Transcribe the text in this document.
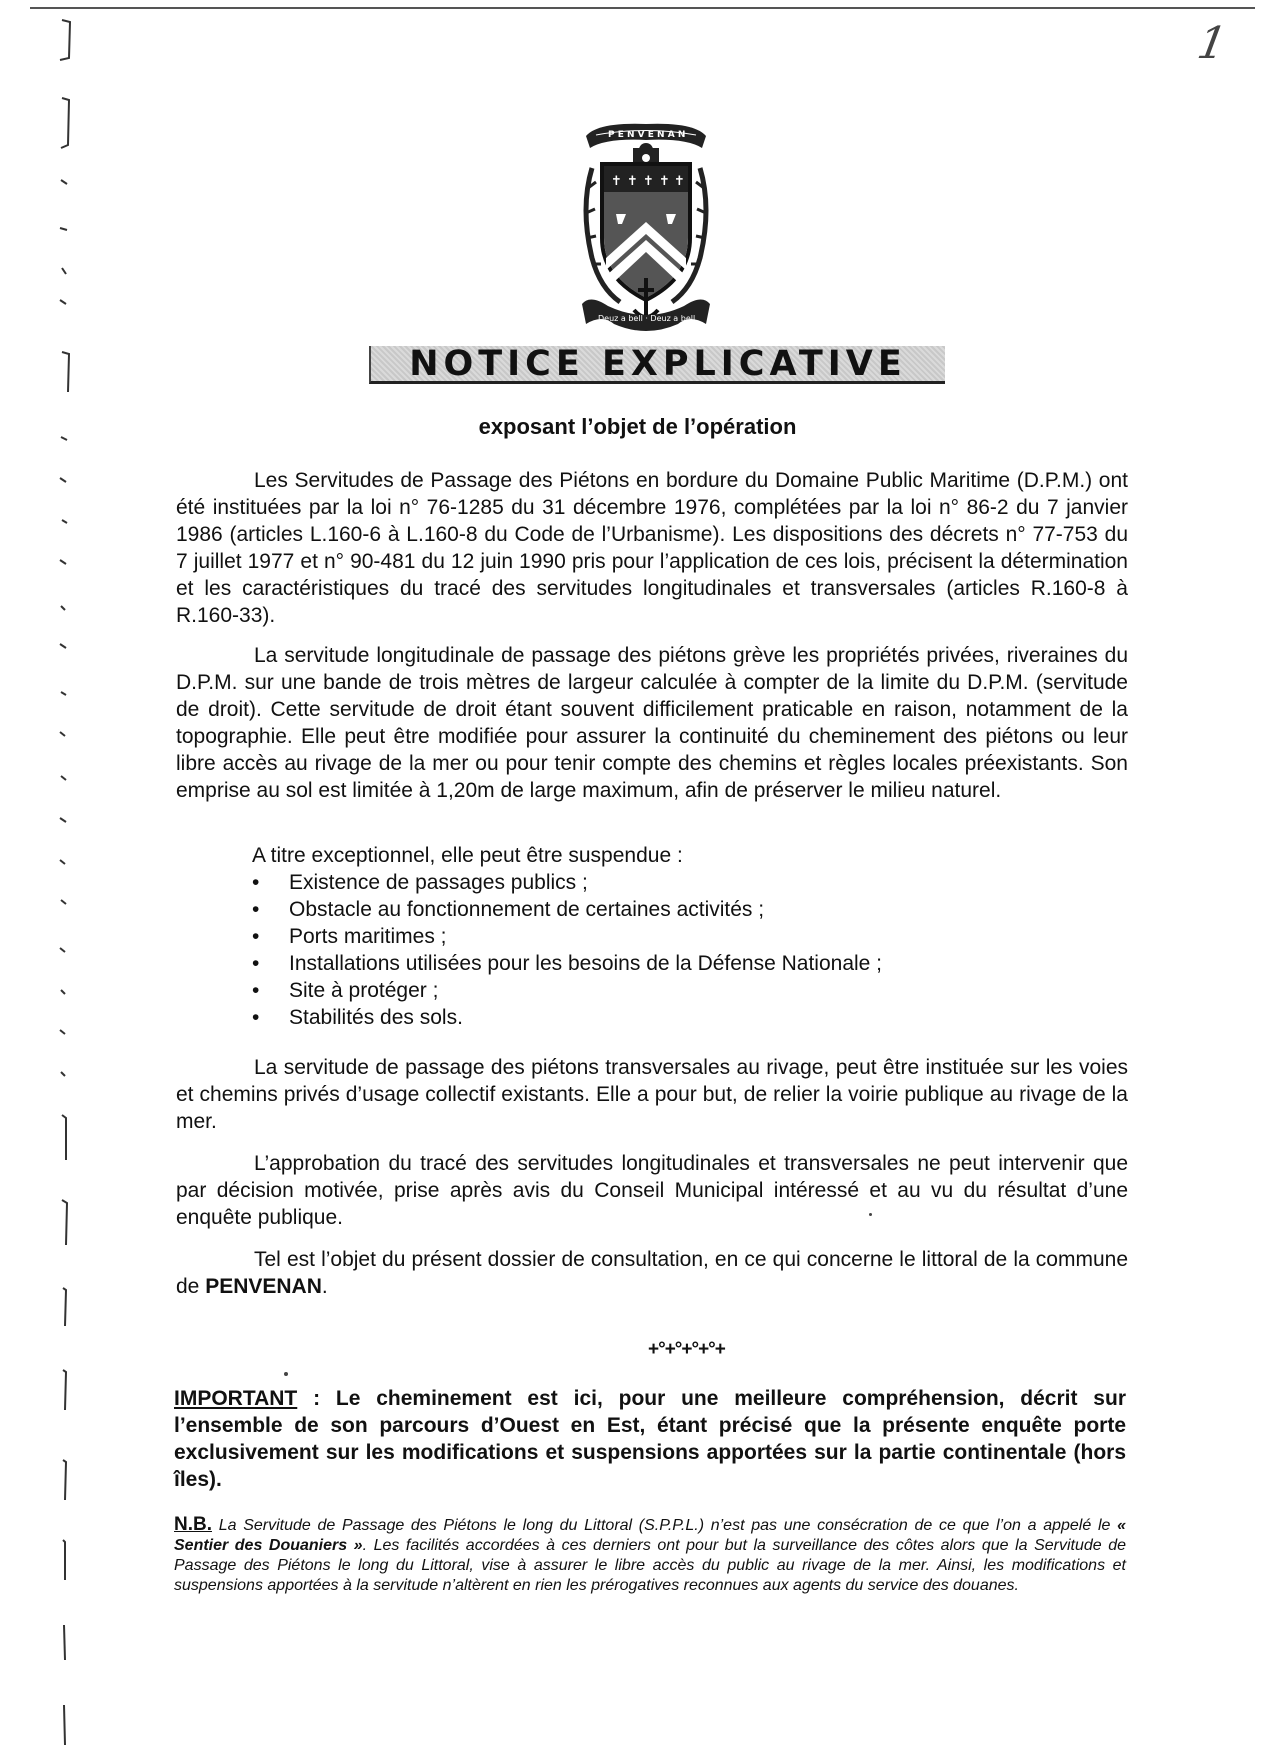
1
P E N V E N A N
✝ ✝ ✝ ✝ ✝
Deuz a bell · Deuz a bell
NOTICE EXPLICATIVE
exposant l’objet de l’opération
Les Servitudes de Passage des Piétons en bordure du Domaine Public Maritime (D.P.M.) ont été instituées par la loi n° 76-1285 du 31 décembre 1976, complétées par la loi n° 86-2 du 7 janvier 1986 (articles L.160-6 à L.160-8 du Code de l’Urbanisme). Les dispositions des décrets n° 77-753 du 7 juillet 1977 et n° 90-481 du 12 juin 1990 pris pour l’application de ces lois, précisent la détermination et les caractéristiques du tracé des servitudes longitudinales et transversales (articles R.160-8 à R.160-33).
La servitude longitudinale de passage des piétons grève les propriétés privées, riveraines du D.P.M. sur une bande de trois mètres de largeur calculée à compter de la limite du D.P.M. (servitude de droit). Cette servitude de droit étant souvent difficilement praticable en raison, notamment de la topographie. Elle peut être modifiée pour assurer la continuité du cheminement des piétons ou leur libre accès au rivage de la mer ou pour tenir compte des chemins et règles locales préexistants. Son emprise au sol est limitée à 1,20m de large maximum, afin de préserver le milieu naturel.
A titre exceptionnel, elle peut être suspendue :
• Existence de passages publics ;
• Obstacle au fonctionnement de certaines activités ;
• Ports maritimes ;
• Installations utilisées pour les besoins de la Défense Nationale ;
• Site à protéger ;
• Stabilités des sols.
La servitude de passage des piétons transversales au rivage, peut être instituée sur les voies et chemins privés d’usage collectif existants. Elle a pour but, de relier la voirie publique au rivage de la mer.
L’approbation du tracé des servitudes longitudinales et transversales ne peut intervenir que par décision motivée, prise après avis du Conseil Municipal intéressé et au vu du résultat d’une enquête publique.
Tel est l’objet du présent dossier de consultation, en ce qui concerne le littoral de la commune de PENVENAN.
+°+°+°+°+
IMPORTANT : Le cheminement est ici, pour une meilleure compréhension, décrit sur l’ensemble de son parcours d’Ouest en Est, étant précisé que la présente enquête porte exclusivement sur les modifications et suspensions apportées sur la partie continentale (hors îles).
N.B. La Servitude de Passage des Piétons le long du Littoral (S.P.P.L.) n’est pas une consécration de ce que l’on a appelé le « Sentier des Douaniers ». Les facilités accordées à ces derniers ont pour but la surveillance des côtes alors que la Servitude de Passage des Piétons le long du Littoral, vise à assurer le libre accès du public au rivage de la mer. Ainsi, les modifications et suspensions apportées à la servitude n’altèrent en rien les prérogatives reconnues aux agents du service des douanes.
